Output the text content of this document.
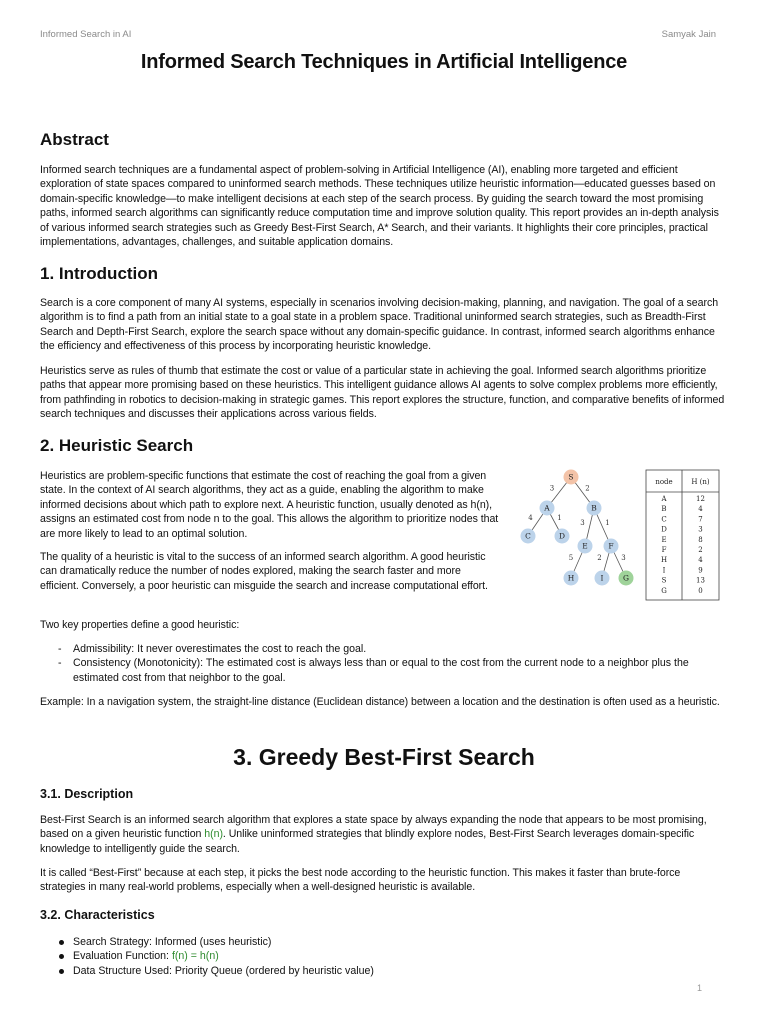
Informed Search in AI	Samyak Jain
Informed Search Techniques in Artificial Intelligence
Abstract

Informed search techniques are a fundamental aspect of problem-solving in Artificial Intelligence (AI), enabling more targeted and efficient exploration of state spaces compared to uninformed search methods. These techniques utilize heuristic information—educated guesses based on domain-specific knowledge—to make intelligent decisions at each step of the search process. By guiding the search toward the most promising paths, informed search algorithms can significantly reduce computation time and improve solution quality. This report provides an in-depth analysis of various informed search strategies such as Greedy Best-First Search, A* Search, and their variants. It highlights their core principles, practical implementations, advantages, challenges, and suitable application domains.

1. Introduction

Search is a core component of many AI systems, especially in scenarios involving decision-making, planning, and navigation. The goal of a search algorithm is to find a path from an initial state to a goal state in a problem space. Traditional uninformed search strategies, such as Breadth-First Search and Depth-First Search, explore the search space without any domain-specific guidance. In contrast, informed search algorithms enhance the efficiency and effectiveness of this process by incorporating heuristic knowledge.

Heuristics serve as rules of thumb that estimate the cost or value of a particular state in achieving the goal. Informed search algorithms prioritize paths that appear more promising based on these heuristics. This intelligent guidance allows AI agents to solve complex problems more efficiently, from pathfinding in robotics to decision-making in strategic games. This report explores the structure, function, and comparative benefits of informed search techniques and discusses their applications across various fields.

2. Heuristic Search

Heuristics are problem-specific functions that estimate the cost of reaching the goal from a given state. In the context of AI search algorithms, they act as a guide, enabling the algorithm to make informed decisions about which path to explore next. A heuristic function, usually denoted as h(n), assigns an estimated cost from node n to the goal. This allows the algorithm to prioritize nodes that are more likely to lead to an optimal solution.

The quality of a heuristic is vital to the success of an informed search algorithm. A good heuristic can dramatically reduce the number of nodes explored, making the search faster and more efficient. Conversely, a poor heuristic can misguide the search and increase computational effort.

Two key properties define a good heuristic:

- Admissibility: It never overestimates the cost to reach the goal.
- Consistency (Monotonicity): The estimated cost is always less than or equal to the cost from the current node to a neighbor plus the estimated cost from that neighbor to the goal.

Example: In a navigation system, the straight-line distance (Euclidean distance) between a location and the destination is often used as a heuristic.

3	2
4	1
3	1
5	2	3
S
A	B
C	D
E	F
H	I	G
node	H (n)
A	12
B	4
C	7
D	3
E	8
F	2
H	4
I	9
S	13
G	0
3. Greedy Best-First Search
3.1. Description

Best-First Search is an informed search algorithm that explores a state space by always expanding the node that appears to be most promising, based on a given heuristic function h(n). Unlike uninformed strategies that blindly explore nodes, Best-First Search leverages domain-specific knowledge to intelligently guide the search.

It is called “Best-First” because at each step, it picks the best node according to the heuristic function. This makes it faster than brute-force strategies in many real-world problems, especially when a well-designed heuristic is available.

3.2. Characteristics
Search Strategy: Informed (uses heuristic)
Evaluation Function: f(n) = h(n)
Data Structure Used: Priority Queue (ordered by heuristic value)
1
